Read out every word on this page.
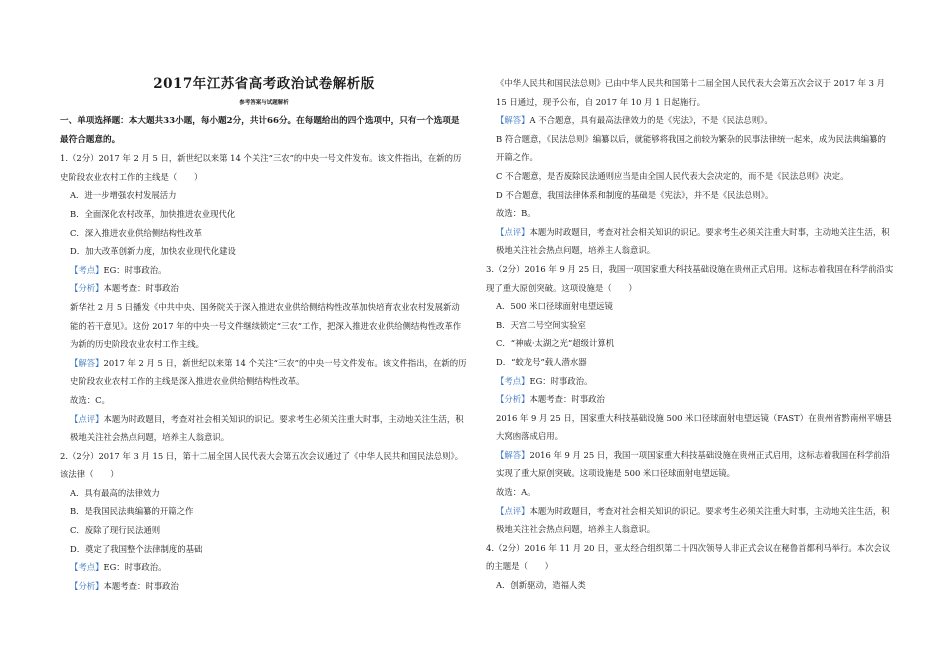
2017年江苏省高考政治试卷解析版
参考答案与试题解析
一、单项选择题：本大题共33小题，每小题2分，共计66分。在每题给出的四个选项中，只有一个选项是最符合题意的。

1.（2分）2017 年 2 月 5 日，新世纪以来第 14 个关注“三农”的中央一号文件发布。该文件指出，在新的历史阶段农业农村工作的主线是（　　）

A．进一步增强农村发展活力

B．全面深化农村改革，加快推进农业现代化

C．深入推进农业供给侧结构性改革

D．加大改革创新力度，加快农业现代化建设

【考点】EG：时事政治。

【分析】本题考查：时事政治

新华社 2 月 5 日播发《中共中央、国务院关于深入推进农业供给侧结构性改革加快培育农业农村发展新动能的若干意见》。这份 2017 年的中央一号文件继续锁定“三农”工作，把深入推进农业供给侧结构性改革作为新的历史阶段农业农村工作主线。

【解答】2017 年 2 月 5 日，新世纪以来第 14 个关注“三农”的中央一号文件发布。该文件指出，在新的历史阶段农业农村工作的主线是深入推进农业供给侧结构性改革。

故选：C。

【点评】本题为时政题目，考查对社会相关知识的识记。要求考生必须关注重大时事，主动地关注生活，积极地关注社会热点问题，培养主人翁意识。

2.（2分）2017 年 3 月 15 日，第十二届全国人民代表大会第五次会议通过了《中华人民共和国民法总则》。该法律（　　）

A．具有最高的法律效力

B．是我国民法典编纂的开篇之作

C．废除了现行民法通则

D．奠定了我国整个法律制度的基础

【考点】EG：时事政治。

【分析】本题考查：时事政治

《中华人民共和国民法总则》已由中华人民共和国第十二届全国人民代表大会第五次会议于 2017 年 3 月 15 日通过，现予公布，自 2017 年 10 月 1 日起施行。

【解答】A 不合题意，具有最高法律效力的是《宪法》，不是《民法总则》。

B 符合题意，《民法总则》编纂以后，就能够将我国之前较为繁杂的民事法律统一起来，成为民法典编纂的开篇之作。

C 不合题意，是否废除民法通则应当是由全国人民代表大会决定的，而不是《民法总则》决定。

D 不合题意，我国法律体系和制度的基础是《宪法》，并不是《民法总则》。

故选：B。

【点评】本题为时政题目，考查对社会相关知识的识记。要求考生必须关注重大时事，主动地关注生活，积极地关注社会热点问题，培养主人翁意识。

3.（2分）2016 年 9 月 25 日，我国一项国家重大科技基础设施在贵州正式启用。这标志着我国在科学前沿实现了重大原创突破。这项设施是（　　）

A．500 米口径球面射电望远镜

B．天宫二号空间实验室

C．“神威·太湖之光”超级计算机

D．“蛟龙号”载人潜水器

【考点】EG：时事政治。

【分析】本题考查：时事政治

2016 年 9 月 25 日，国家重大科技基础设施 500 米口径球面射电望远镜（FAST）在贵州省黔南州平塘县大窝凼落成启用。

【解答】2016 年 9 月 25 日，我国一项国家重大科技基础设施在贵州正式启用，这标志着我国在科学前沿实现了重大原创突破。这项设施是 500 米口径球面射电望远镜。

故选：A。

【点评】本题为时政题目，考查对社会相关知识的识记。要求考生必须关注重大时事，主动地关注生活，积极地关注社会热点问题，培养主人翁意识。

4.（2分）2016 年 11 月 20 日，亚太经合组织第二十四次领导人非正式会议在秘鲁首都利马举行。本次会议的主题是（　　）

A．创新驱动，造福人类
